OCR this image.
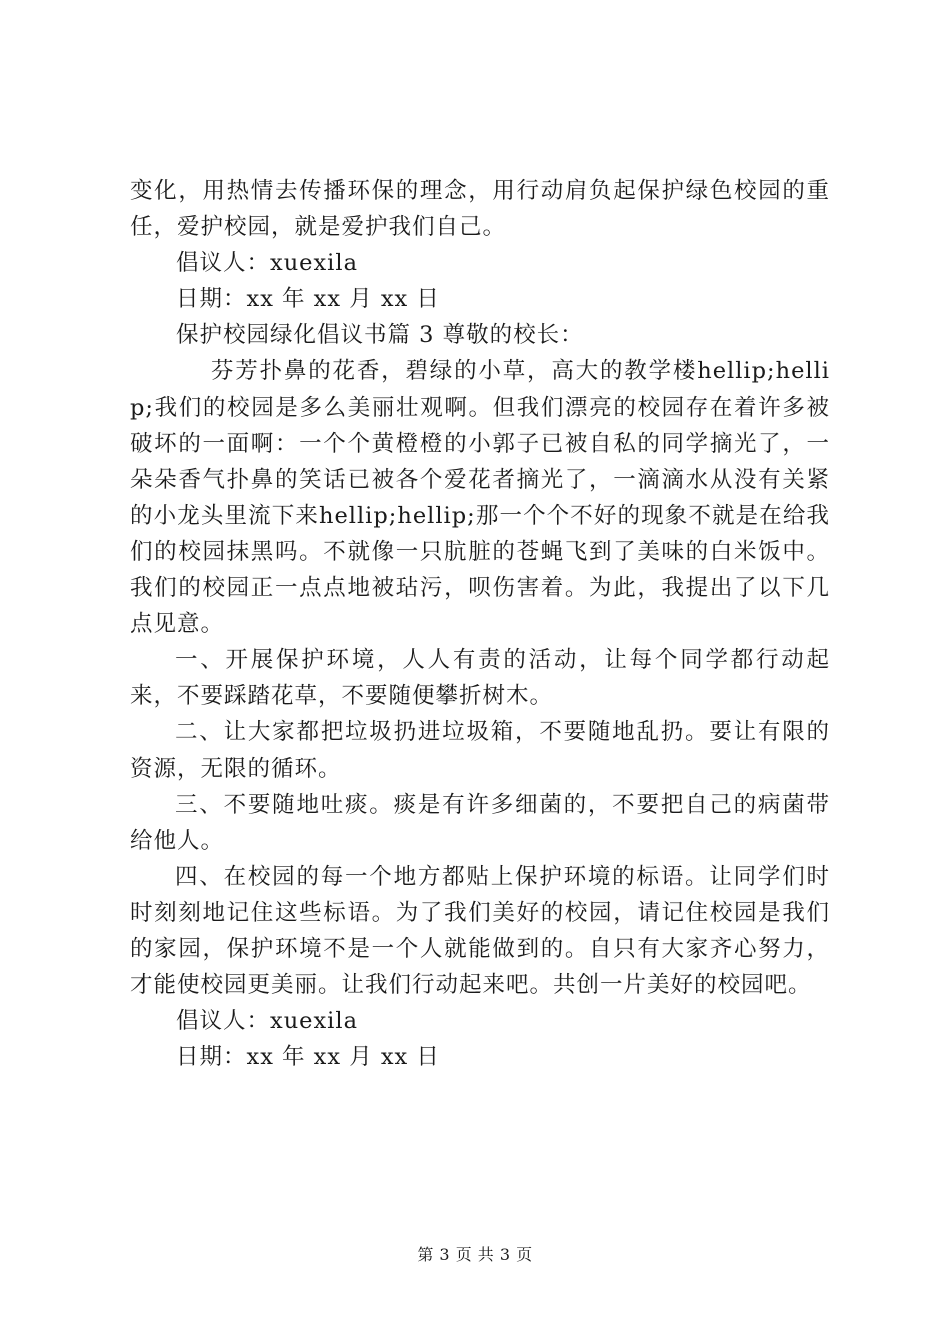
变化，用热情去传播环保的理念，用行动肩负起保护绿色校园的重任，爱护校园，就是爱护我们自己。

倡议人：xuexila

日期：xx 年 xx 月 xx 日

保护校园绿化倡议书篇 3 尊敬的校长：

芬芳扑鼻的花香，碧绿的小草，高大的教学楼hellip;hellip;我们的校园是多么美丽壮观啊。但我们漂亮的校园存在着许多被破坏的一面啊：一个个黄橙橙的小郭子已被自私的同学摘光了，一朵朵香气扑鼻的笑话已被各个爱花者摘光了，一滴滴水从没有关紧的小龙头里流下来hellip;hellip;那一个个不好的现象不就是在给我们的校园抹黑吗。不就像一只肮脏的苍蝇飞到了美味的白米饭中。我们的校园正一点点地被玷污，呗伤害着。为此，我提出了以下几点见意。

一、开展保护环境，人人有责的活动，让每个同学都行动起来，不要踩踏花草，不要随便攀折树木。

二、让大家都把垃圾扔进垃圾箱，不要随地乱扔。要让有限的资源，无限的循环。

三、不要随地吐痰。痰是有许多细菌的，不要把自己的病菌带给他人。

四、在校园的每一个地方都贴上保护环境的标语。让同学们时时刻刻地记住这些标语。为了我们美好的校园，请记住校园是我们的家园，保护环境不是一个人就能做到的。自只有大家齐心努力，才能使校园更美丽。让我们行动起来吧。共创一片美好的校园吧。

倡议人：xuexila

日期：xx 年 xx 月 xx 日

第 3 页 共 3 页
